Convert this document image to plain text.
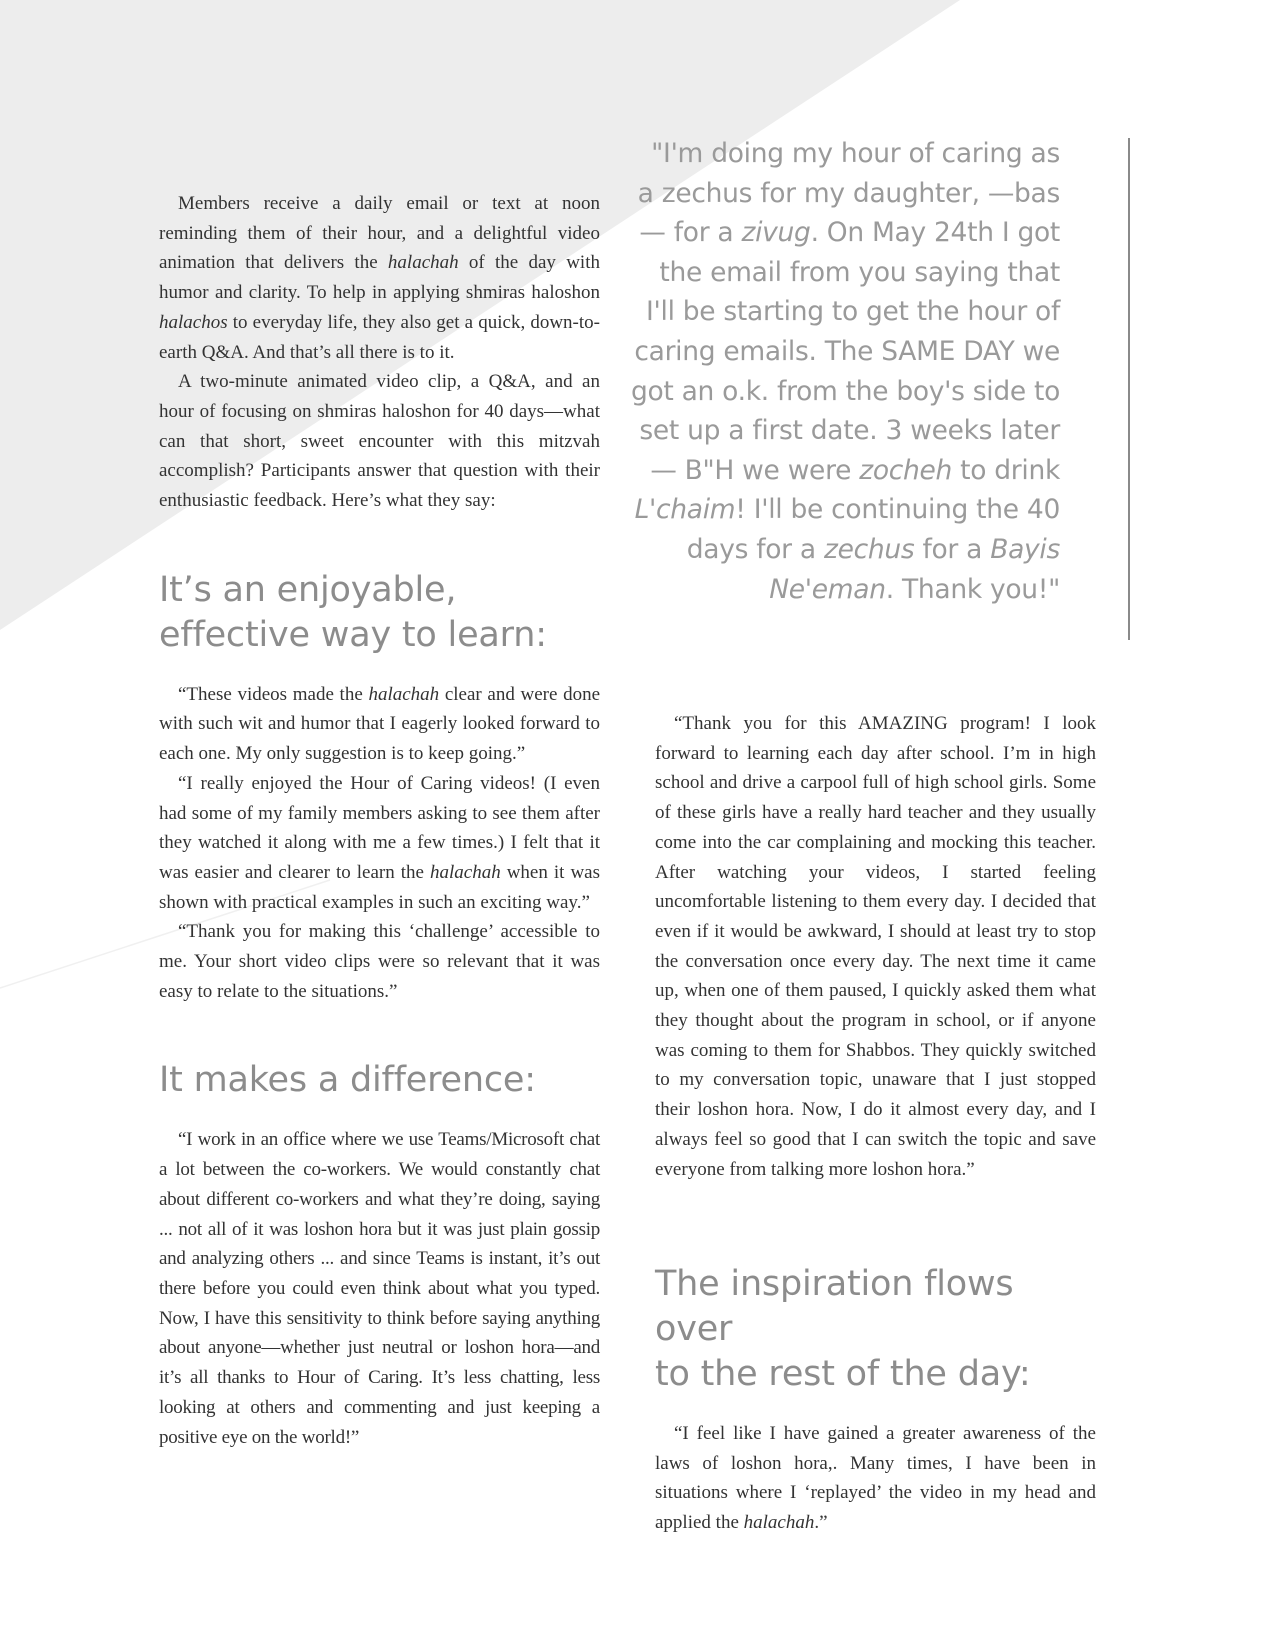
Members receive a daily email or text at noon reminding them of their hour, and a delightful video animation that delivers the halachah of the day with humor and clarity. To help in applying shmiras haloshon halachos to everyday life, they also get a quick, down-to-earth Q&A. And that’s all there is to it.

A two-minute animated video clip, a Q&A, and an hour of focusing on shmiras haloshon for 40 days—what can that short, sweet encounter with this mitzvah accomplish? Participants answer that question with their enthusiastic feedback. Here’s what they say:

It’s an enjoyable,
effective way to learn:

“These videos made the halachah clear and were done with such wit and humor that I eagerly looked forward to each one. My only suggestion is to keep going.”

“I really enjoyed the Hour of Caring videos! (I even had some of my family members asking to see them after they watched it along with me a few times.) I felt that it was easier and clearer to learn the halachah when it was shown with practical examples in such an exciting way.”

“Thank you for making this ‘challenge’ accessible to me. Your short video clips were so relevant that it was easy to relate to the situations.”

It makes a difference:

“I work in an office where we use Teams/Microsoft chat a lot between the co-workers. We would constantly chat about different co-workers and what they’re doing, saying ... not all of it was loshon hora but it was just plain gossip and analyzing others ... and since Teams is instant, it’s out there before you could even think about what you typed. Now, I have this sensitivity to think before saying anything about anyone—whether just neutral or loshon hora—and it’s all thanks to Hour of Caring. It’s less chatting, less looking at others and commenting and just keeping a positive eye on the world!”

"I'm doing my hour of caring as a zechus for my daughter, —bas — for a zivug. On May 24th I got the email from you saying that I'll be starting to get the hour of caring emails. The SAME DAY we got an o.k. from the boy's side to set up a first date. 3 weeks later — B"H we were zocheh to drink L'chaim! I'll be continuing the 40 days for a zechus for a Bayis Ne'eman. Thank you!"

“Thank you for this AMAZING program! I look forward to learning each day after school. I’m in high school and drive a carpool full of high school girls. Some of these girls have a really hard teacher and they usually come into the car complaining and mocking this teacher. After watching your videos, I started feeling uncomfortable listening to them every day. I decided that even if it would be awkward, I should at least try to stop the conversation once every day. The next time it came up, when one of them paused, I quickly asked them what they thought about the program in school, or if anyone was coming to them for Shabbos. They quickly switched to my conversation topic, unaware that I just stopped their loshon hora. Now, I do it almost every day, and I always feel so good that I can switch the topic and save everyone from talking more loshon hora.”

The inspiration flows over
to the rest of the day:

“I feel like I have gained a greater awareness of the laws of loshon hora,. Many times, I have been in situations where I ‘replayed’ the video in my head and applied the halachah.”
